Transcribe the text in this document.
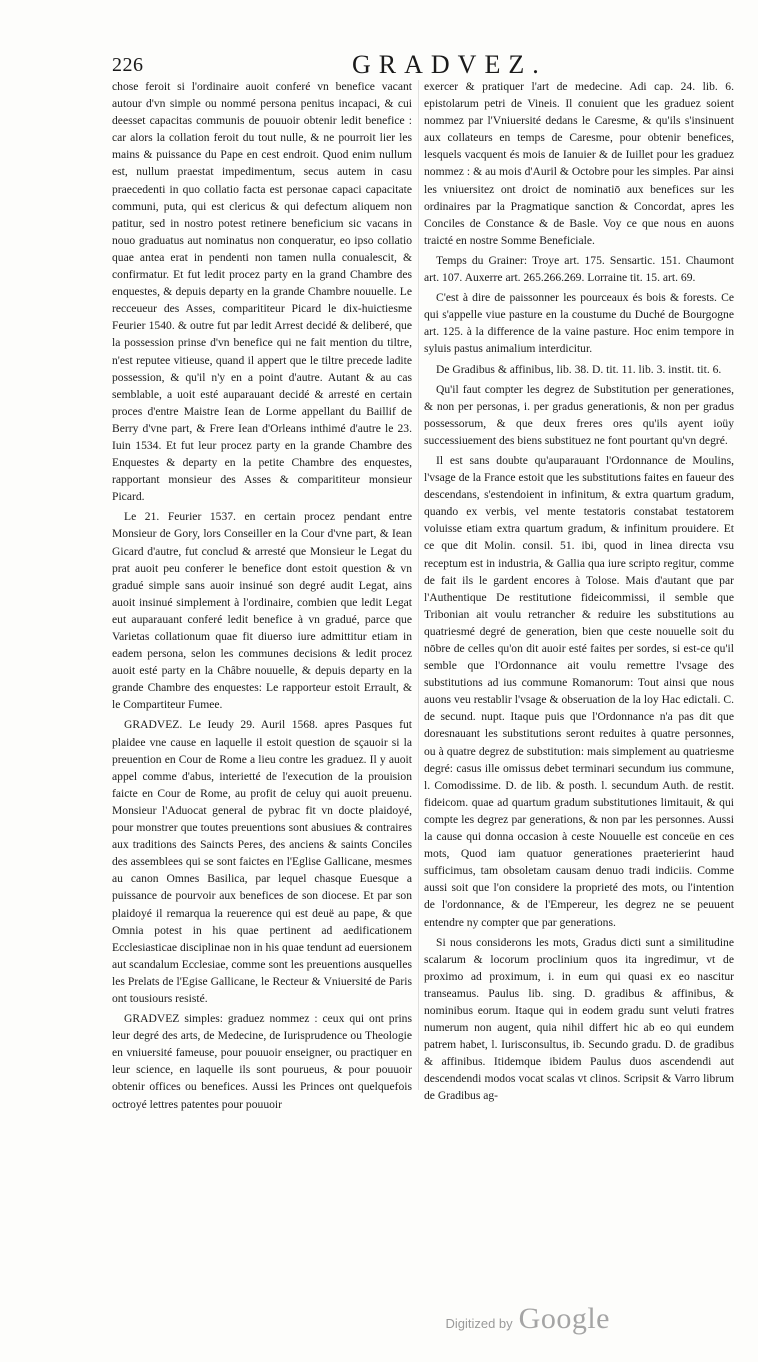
226	GRADVEZ.

chose feroit si l'ordinaire auoit conferé vn benefice vacant autour d'vn simple ou nommé persona penitus incapaci, & cui deesset capacitas communis de pouuoir obtenir ledit benefice : car alors la collation feroit du tout nulle, & ne pourroit lier les mains & puissance du Pape en cest endroit. Quod enim nullum est, nullum praestat impedimentum, secus autem in casu praecedenti in quo collatio facta est personae capaci capacitate communi, puta, qui est clericus & qui defectum aliquem non patitur, sed in nostro potest retinere beneficium sic vacans in nouo graduatus aut nominatus non conqueratur, eo ipso collatio quae antea erat in pendenti non tamen nulla conualescit, & confirmatur. Et fut ledit procez party en la grand Chambre des enquestes, & depuis departy en la grande Chambre nouuelle. Le recceueur des Asses, comparititeur Picard le dix-huictiesme Feurier 1540. & outre fut par ledit Arrest decidé & deliberé, que la possession prinse d'vn benefice qui ne fait mention du tiltre, n'est reputee vitieuse, quand il appert que le tiltre precede ladite possession, & qu'il n'y en a point d'autre. Autant & au cas semblable, a uoit esté auparauant decidé & arresté en certain proces d'entre Maistre Iean de Lorme appellant du Baillif de Berry d'vne part, & Frere Iean d'Orleans inthimé d'autre le 23. Iuin 1534. Et fut leur procez party en la grande Chambre des Enquestes & departy en la petite Chambre des enquestes, rapportant monsieur des Asses & comparititeur monsieur Picard.

Le 21. Feurier 1537. en certain procez pendant entre Monsieur de Gory, lors Conseiller en la Cour d'vne part, & Iean Gicard d'autre, fut conclud & arresté que Monsieur le Legat du prat auoit peu conferer le benefice dont estoit question & vn gradué simple sans auoir insinué son degré audit Legat, ains auoit insinué simplement à l'ordinaire, combien que ledit Legat eut auparauant conferé ledit benefice à vn gradué, parce que Varietas collationum quae fit diuerso iure admittitur etiam in eadem persona, selon les communes decisions & ledit procez auoit esté party en la Châbre nouuelle, & depuis departy en la grande Chambre des enquestes: Le rapporteur estoit Errault, & le Compartiteur Fumee.

GRADVEZ. Le Ieudy 29. Auril 1568. apres Pasques fut plaidee vne cause en laquelle il estoit question de sçauoir si la preuention en Cour de Rome a lieu contre les graduez. Il y auoit appel comme d'abus, interietté de l'execution de la prouision faicte en Cour de Rome, au profit de celuy qui auoit preuenu. Monsieur l'Aduocat general de pybrac fit vn docte plaidoyé, pour monstrer que toutes preuentions sont abusiues & contraires aux traditions des Saincts Peres, des anciens & saints Conciles des assemblees qui se sont faictes en l'Eglise Gallicane, mesmes au canon Omnes Basilica, par lequel chasque Euesque a puissance de pourvoir aux benefices de son diocese. Et par son plaidoyé il remarqua la reuerence qui est deuë au pape, & que Omnia potest in his quae pertinent ad aedificationem Ecclesiasticae disciplinae non in his quae tendunt ad euersionem aut scandalum Ecclesiae, comme sont les preuentions ausquelles les Prelats de l'Egise Gallicane, le Recteur & Vniuersité de Paris ont tousiours resisté.

GRADVEZ simples: graduez nommez : ceux qui ont prins leur degré des arts, de Medecine, de Iurisprudence ou Theologie en vniuersité fameuse, pour pouuoir enseigner, ou practiquer en leur science, en laquelle ils sont pourueus, & pour pouuoir obtenir offices ou benefices. Aussi les Princes ont quelquefois octroyé lettres patentes pour pouuoir

exercer & pratiquer l'art de medecine. Adi cap. 24. lib. 6. epistolarum petri de Vineis. Il conuient que les graduez soient nommez par l'Vniuersité dedans le Caresme, & qu'ils s'insinuent aux collateurs en temps de Caresme, pour obtenir benefices, lesquels vacquent és mois de Ianuier & de Iuillet pour les graduez nommez : & au mois d'Auril & Octobre pour les simples. Par ainsi les vniuersitez ont droict de nominatiō aux benefices sur les ordinaires par la Pragmatique sanction & Concordat, apres les Conciles de Constance & de Basle. Voy ce que nous en auons traicté en nostre Somme Beneficiale.

Temps du Grainer: Troye art. 175. Sensartic. 151. Chaumont art. 107. Auxerre art. 265.266.269. Lorraine tit. 15. art. 69.

C'est à dire de paissonner les pourceaux és bois & forests. Ce qui s'appelle viue pasture en la coustume du Duché de Bourgogne art. 125. à la difference de la vaine pasture. Hoc enim tempore in syluis pastus animalium interdicitur.

De Gradibus & affinibus, lib. 38. D. tit. 11. lib. 3. instit. tit. 6.

Qu'il faut compter les degrez de Substitution per generationes, & non per personas, i. per gradus generationis, & non per gradus possessorum, & que deux freres ores qu'ils ayent ioüy successiuement des biens substituez ne font pourtant qu'vn degré.

Il est sans doubte qu'auparauant l'Ordonnance de Moulins, l'vsage de la France estoit que les substitutions faites en faueur des descendans, s'estendoient in infinitum, & extra quartum gradum, quando ex verbis, vel mente testatoris constabat testatorem voluisse etiam extra quartum gradum, & infinitum prouidere. Et ce que dit Molin. consil. 51. ibi, quod in linea directa vsu receptum est in industria, & Gallia qua iure scripto regitur, comme de fait ils le gardent encores à Tolose. Mais d'autant que par l'Authentique De restitutione fideicommissi, il semble que Tribonian ait voulu retrancher & reduire les substitutions au quatriesmé degré de generation, bien que ceste nouuelle soit du nōbre de celles qu'on dit auoir esté faites per sordes, si est-ce qu'il semble que l'Ordonnance ait voulu remettre l'vsage des substitutions ad ius commune Romanorum: Tout ainsi que nous auons veu restablir l'vsage & obseruation de la loy Hac edictali. C. de secund. nupt. Itaque puis que l'Ordonnance n'a pas dit que doresnauant les substitutions seront reduites à quatre personnes, ou à quatre degrez de substitution: mais simplement au quatriesme degré: casus ille omissus debet terminari secundum ius commune, l. Comodissime. D. de lib. & posth. l. secundum Auth. de restit. fideicom. quae ad quartum gradum substitutiones limitauit, & qui compte les degrez par generations, & non par les personnes. Aussi la cause qui donna occasion à ceste Nouuelle est conceüe en ces mots, Quod iam quatuor generationes praeterierint haud sufficimus, tam obsoletam causam denuo tradi indiciis. Comme aussi soit que l'on considere la proprieté des mots, ou l'intention de l'ordonnance, & de l'Empereur, les degrez ne se peuuent entendre ny compter que par generations.

Si nous considerons les mots, Gradus dicti sunt a similitudine scalarum & locorum proclinium quos ita ingredimur, vt de proximo ad proximum, i. in eum qui quasi ex eo nascitur transeamus. Paulus lib. sing. D. gradibus & affinibus, & nominibus eorum. Itaque qui in eodem gradu sunt veluti fratres numerum non augent, quia nihil differt hic ab eo qui eundem patrem habet, l. Iurisconsultus, ib. Secundo gradu. D. de gradibus & affinibus. Itidemque ibidem Paulus duos ascendendi aut descendendi modos vocat scalas vt clinos. Scripsit & Varro librum de Gradibus ag-

Digitized by Google
